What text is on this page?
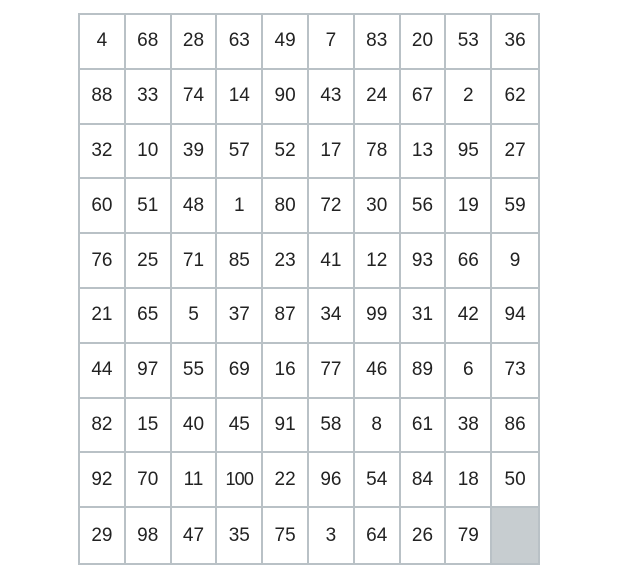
4	68	28	63	49	7	83	20	53	36
88	33	74	14	90	43	24	67	2	62
32	10	39	57	52	17	78	13	95	27
60	51	48	1	80	72	30	56	19	59
76	25	71	85	23	41	12	93	66	9
21	65	5	37	87	34	99	31	42	94
44	97	55	69	16	77	46	89	6	73
82	15	40	45	91	58	8	61	38	86
92	70	11	100	22	96	54	84	18	50
29	98	47	35	75	3	64	26	79
